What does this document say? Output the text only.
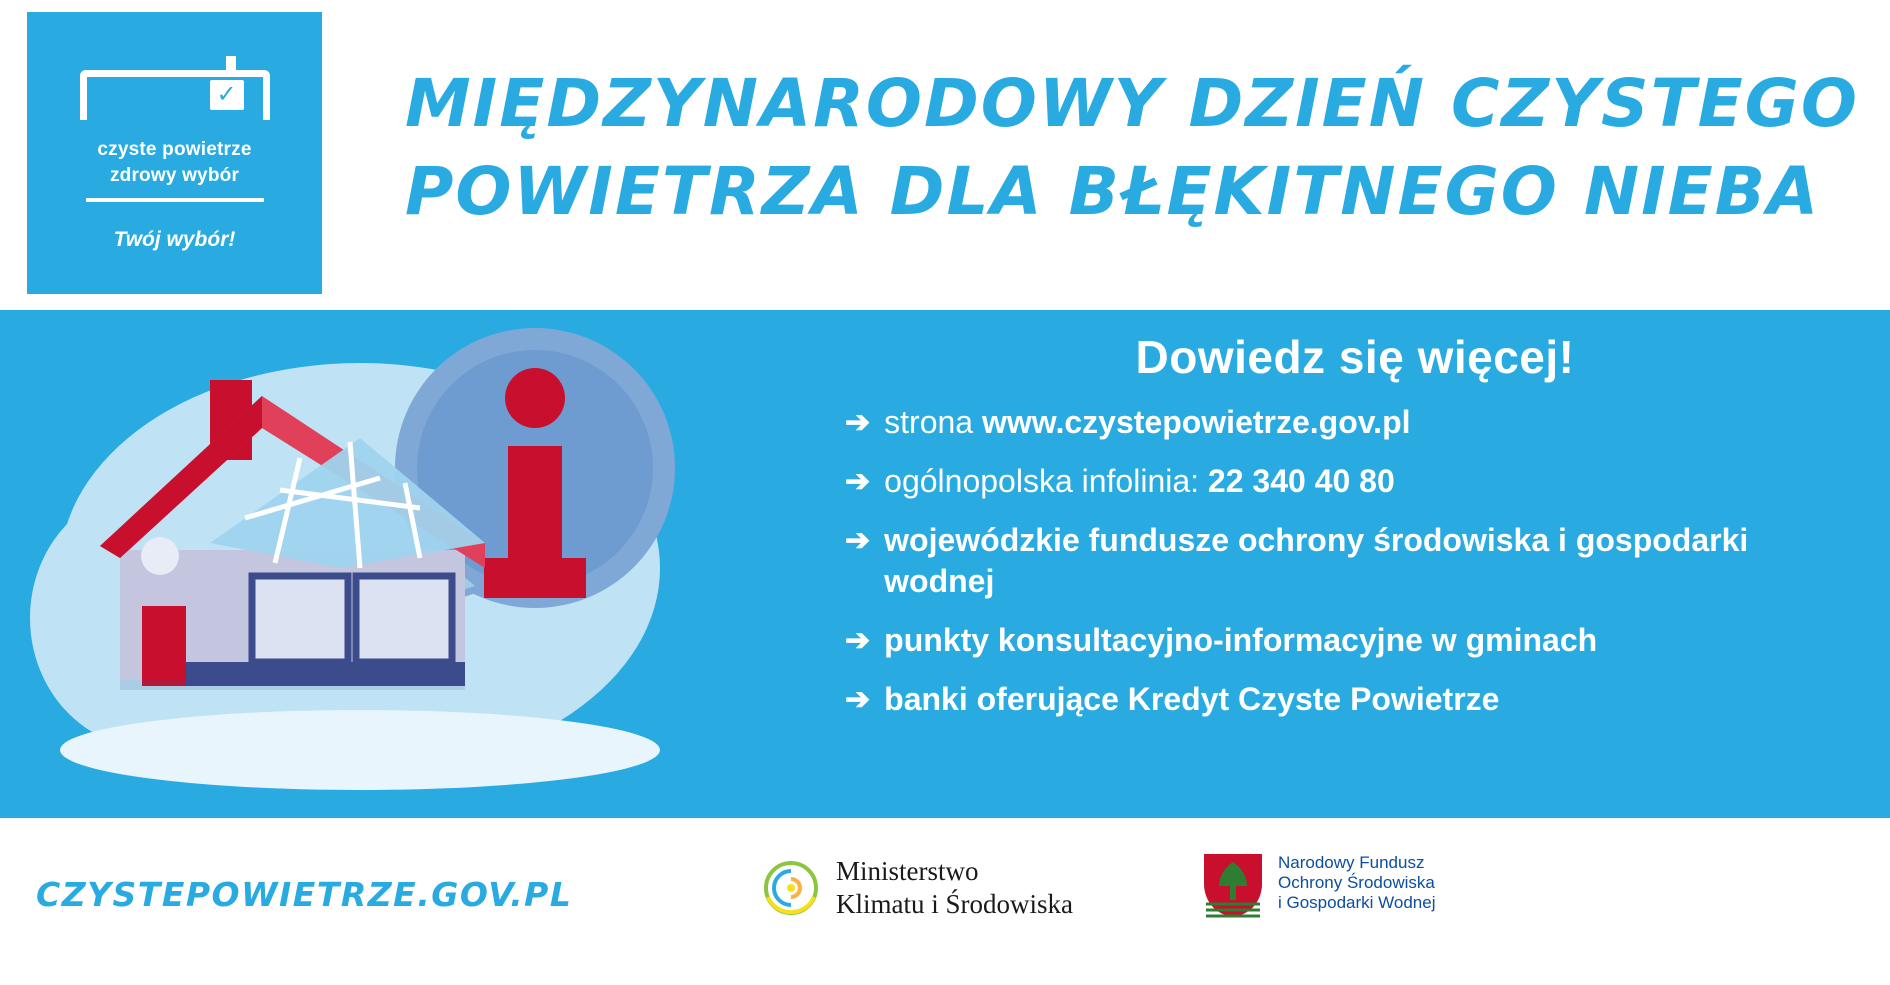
✓
czyste powietrze
zdrowy wybór
Twój wybór!
MIĘDZYNARODOWY DZIEŃ CZYSTEGO
POWIETRZA DLA BŁĘKITNEGO NIEBA
Dowiedz się więcej!
➔ strona www.czystepowietrze.gov.pl
➔ ogólnopolska infolinia: 22 340 40 80
➔ wojewódzkie fundusze ochrony środowiska i gospodarki wodnej
➔ punkty konsultacyjno-informacyjne w gminach
➔ banki oferujące Kredyt Czyste Powietrze
CZYSTEPOWIETRZE.GOV.PL
Ministerstwo
Klimatu i Środowiska
Narodowy Fundusz
Ochrony Środowiska
i Gospodarki Wodnej
